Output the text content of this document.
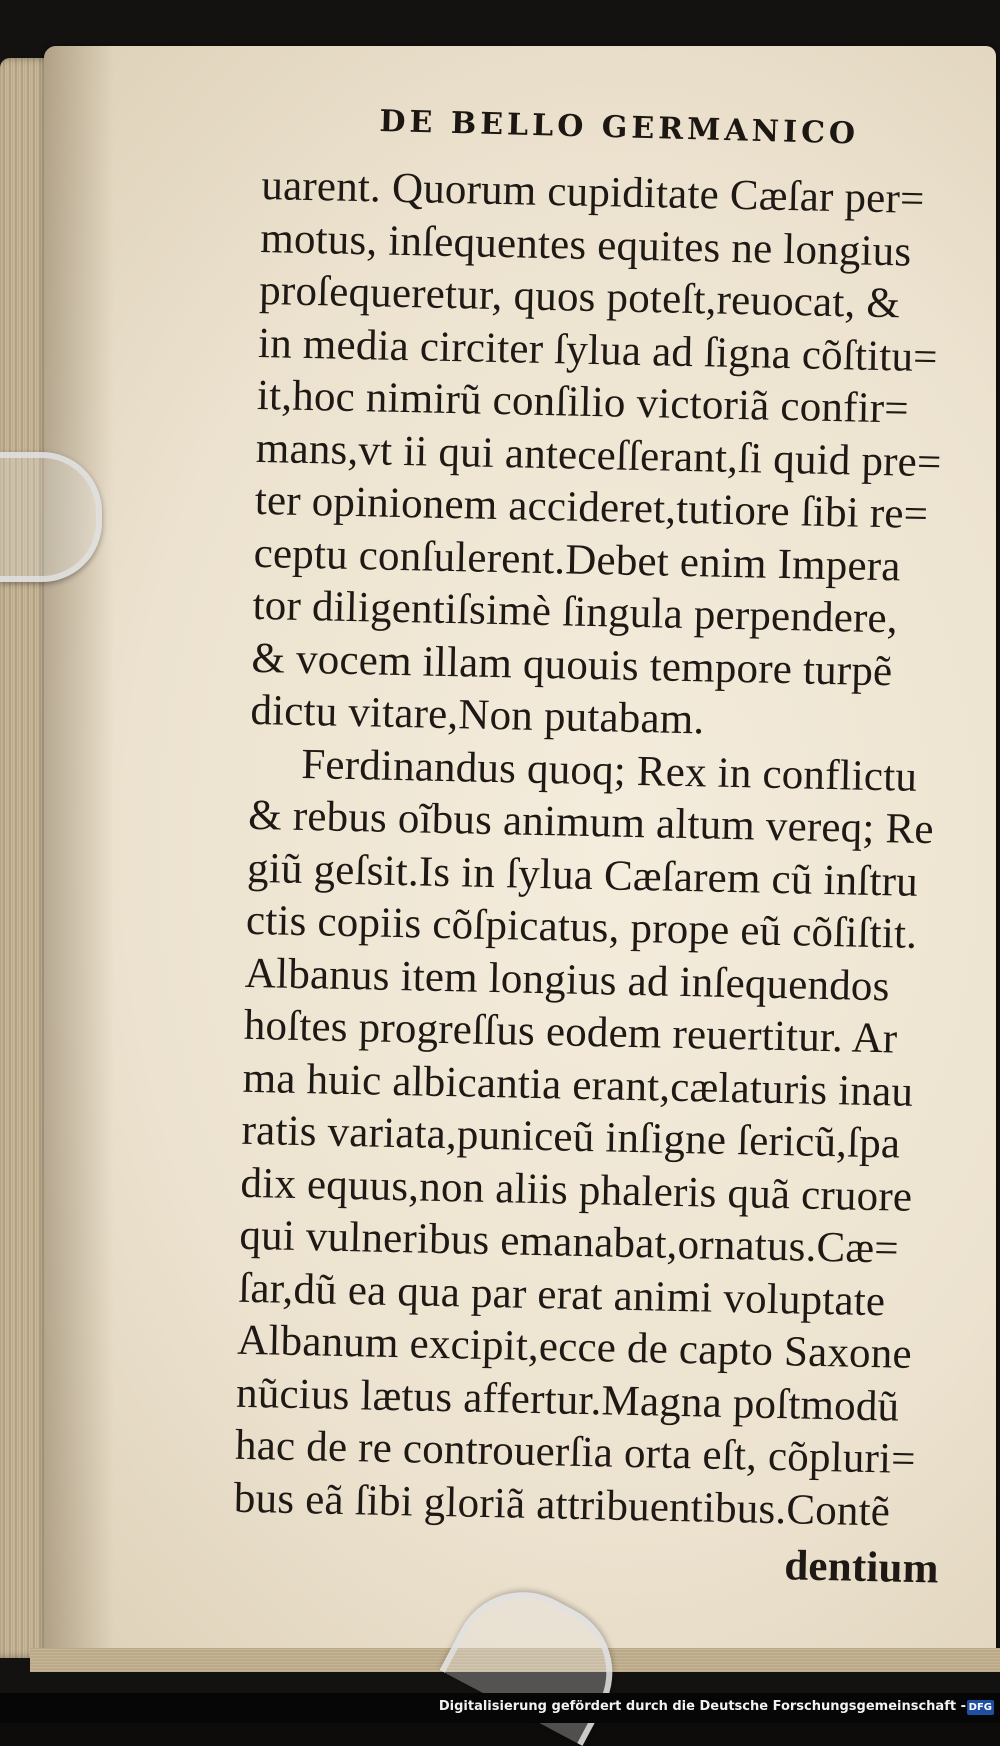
DE BELLO GERMANICO
uarent. Quorum cupiditate Cæſar per=
motus, inſequentes equites ne longius
proſequeretur, quos poteſt,reuocat, &
in media circiter ſylua ad ſigna cõſtitu=
it,hoc nimirũ conſilio victoriã confir=
mans,vt ii qui anteceſſerant,ſi quid pre=
ter opinionem accideret,tutiore ſibi re=
ceptu conſulerent.Debet enim Impera
tor diligentiſsimè ſingula perpendere,
& vocem illam quouis tempore turpẽ
dictu vitare,Non putabam.
Ferdinandus quoq; Rex in conflictu
& rebus oĩbus animum altum vereq; Re
giũ geſsit.Is in ſylua Cæſarem cũ inſtru
ctis copiis cõſpicatus, prope eũ cõſiſtit.
Albanus item longius ad inſequendos
hoſtes progreſſus eodem reuertitur. Ar
ma huic albicantia erant,cælaturis inau
ratis variata,puniceũ inſigne ſericũ,ſpa
dix equus,non aliis phaleris quã cruore
qui vulneribus emanabat,ornatus.Cæ=
ſar,dũ ea qua par erat animi voluptate
Albanum excipit,ecce de capto Saxone
nũcius lætus affertur.Magna poſtmodũ
hac de re controuerſia orta eſt, cõpluri=
bus eã ſibi gloriã attribuentibus.Contẽ
dentium
Digitalisierung gefördert durch die Deutsche Forschungsgemeinschaft - DFG
